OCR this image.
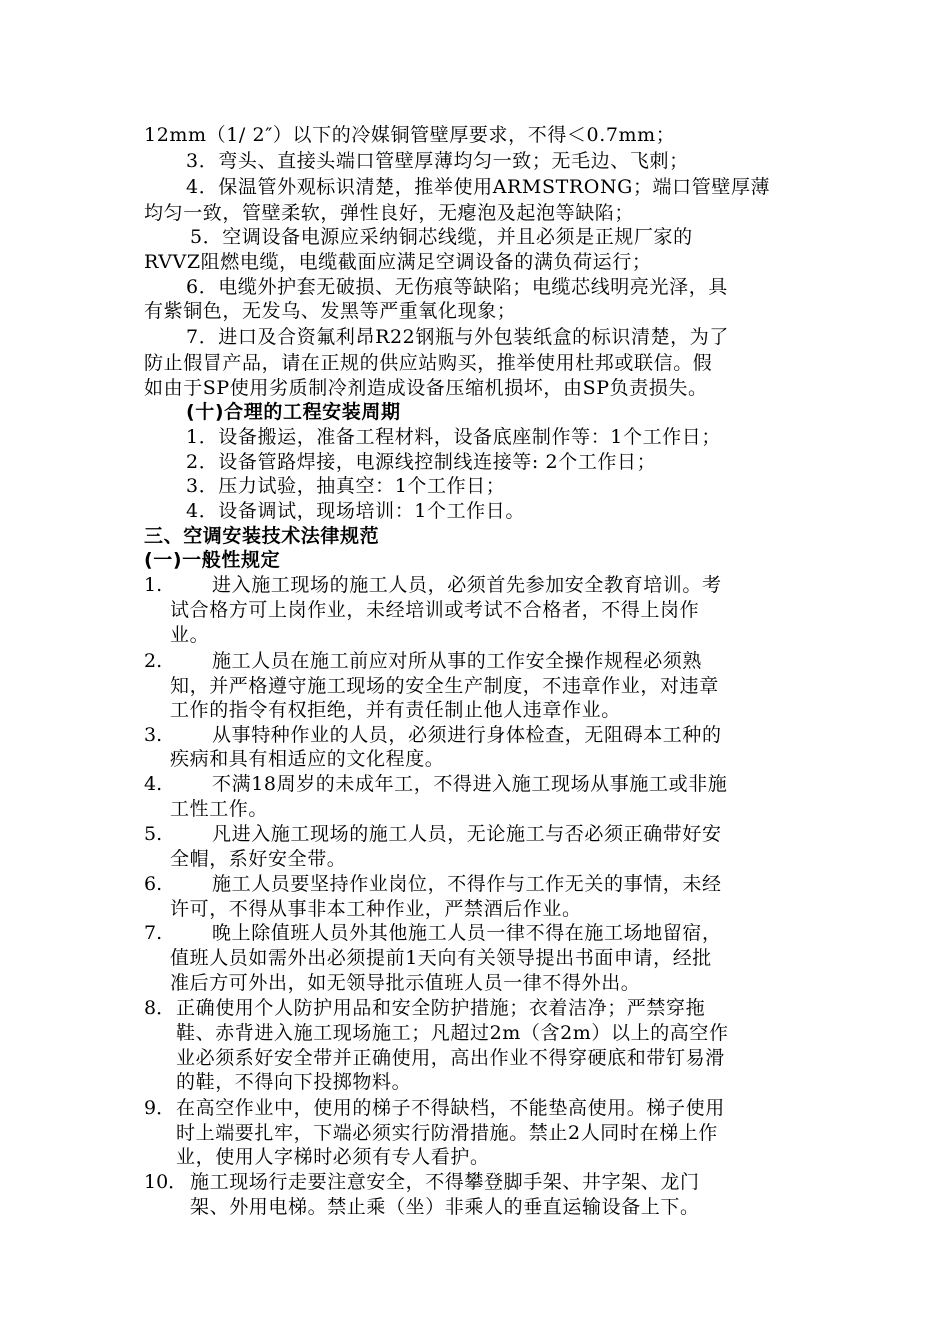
12mm（1/ 2″）以下的冷媒铜管壁厚要求，不得＜0.7mm；
3．弯头、直接头端口管壁厚薄均匀一致；无毛边、飞刺；
4．保温管外观标识清楚，推举使用ARMSTRONG；端口管壁厚薄
均匀一致，管壁柔软，弹性良好，无瘪泡及起泡等缺陷；
5．空调设备电源应采纳铜芯线缆，并且必须是正规厂家的
RVVZ阻燃电缆，电缆截面应满足空调设备的满负荷运行；
6．电缆外护套无破损、无伤痕等缺陷；电缆芯线明亮光泽，具
有紫铜色，无发乌、发黑等严重氧化现象；
7．进口及合资氟利昂R22钢瓶与外包装纸盒的标识清楚，为了
防止假冒产品，请在正规的供应站购买，推举使用杜邦或联信。假
如由于SP使用劣质制冷剂造成设备压缩机损坏，由SP负责损失。
(十)合理的工程安装周期
1．设备搬运，准备工程材料，设备底座制作等：1个工作日；
2．设备管路焊接，电源线控制线连接等: 2个工作日；
3．压力试验，抽真空：1个工作日；
4．设备调试，现场培训：1个工作日。
三、空调安装技术法律规范
(一)一般性规定
1.	进入施工现场的施工人员，必须首先参加安全教育培训。考
试合格方可上岗作业，未经培训或考试不合格者，不得上岗作
业。
2.	施工人员在施工前应对所从事的工作安全操作规程必须熟
知，并严格遵守施工现场的安全生产制度，不违章作业，对违章
工作的指令有权拒绝，并有责任制止他人违章作业。
3.	从事特种作业的人员，必须进行身体检查，无阻碍本工种的
疾病和具有相适应的文化程度。
4.	不满18周岁的未成年工，不得进入施工现场从事施工或非施
工性工作。
5.	凡进入施工现场的施工人员，无论施工与否必须正确带好安
全帽，系好安全带。
6.	施工人员要坚持作业岗位，不得作与工作无关的事情，未经
许可，不得从事非本工种作业，严禁酒后作业。
7.	晚上除值班人员外其他施工人员一律不得在施工场地留宿，
值班人员如需外出必须提前1天向有关领导提出书面申请，经批
准后方可外出，如无领导批示值班人员一律不得外出。
8． 正确使用个人防护用品和安全防护措施；衣着洁净；严禁穿拖
鞋、赤背进入施工现场施工；凡超过2m（含2m）以上的高空作
业必须系好安全带并正确使用，高出作业不得穿硬底和带钉易滑
的鞋，不得向下投掷物料。
9． 在高空作业中，使用的梯子不得缺档，不能垫高使用。梯子使用
时上端要扎牢，下端必须实行防滑措施。禁止2人同时在梯上作
业，使用人字梯时必须有专人看护。
10． 施工现场行走要注意安全，不得攀登脚手架、井字架、龙门
架、外用电梯。禁止乘（坐）非乘人的垂直运输设备上下。
